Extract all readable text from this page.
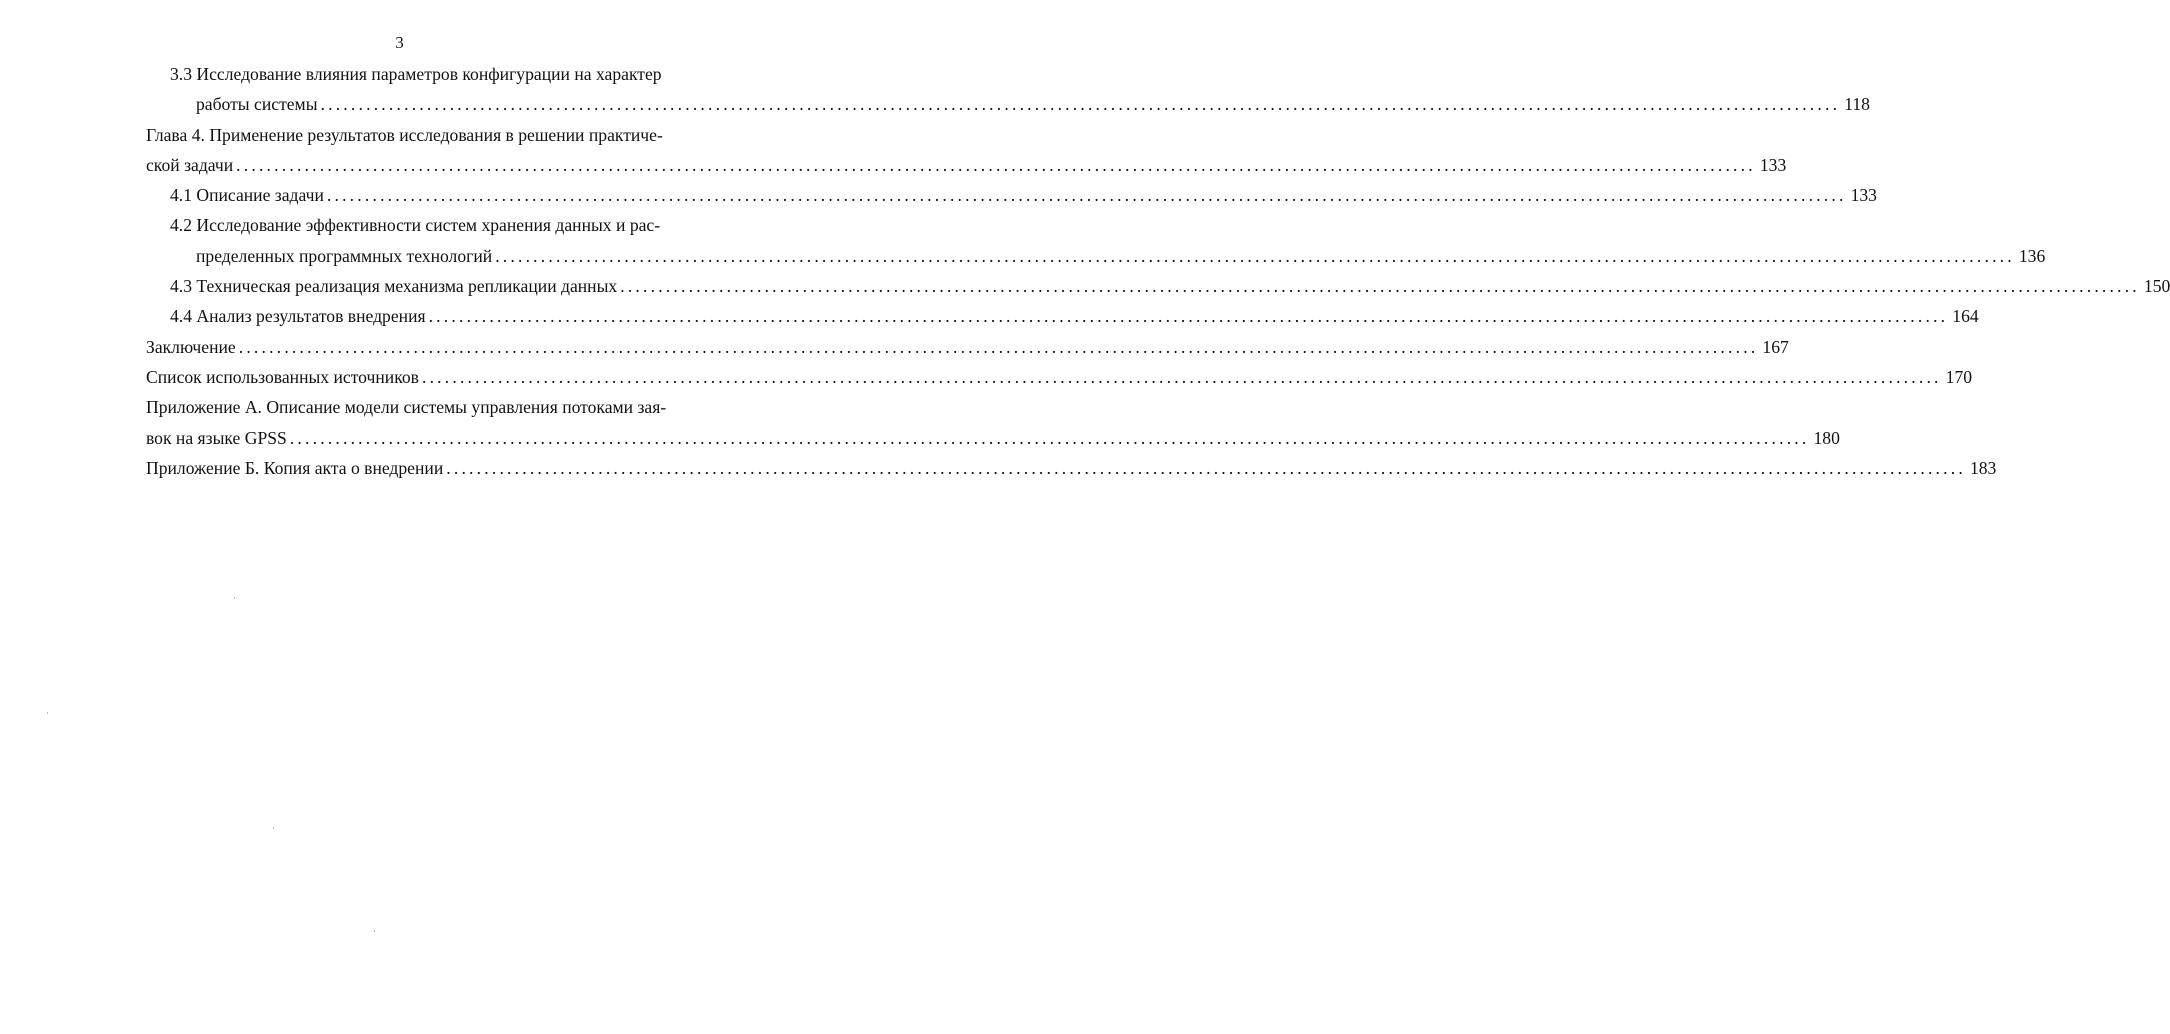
3
3.3 Исследование влияния параметров конфигурации на характер
работы системы ........................................................................................................................................................................................................ 118
Глава 4. Применение результатов исследования в решении практиче-
ской задачи ........................................................................................................................................................................................................ 133
4.1 Описание задачи ........................................................................................................................................................................................................ 133
4.2 Исследование эффективности систем хранения данных и рас-
пределенных программных технологий ........................................................................................................................................................................................................ 136
4.3 Техническая реализация механизма репликации данных ........................................................................................................................................................................................................ 150
4.4 Анализ результатов внедрения ........................................................................................................................................................................................................ 164
Заключение ........................................................................................................................................................................................................ 167
Список использованных источников ........................................................................................................................................................................................................ 170
Приложение А. Описание модели системы управления потоками зая-
вок на языке GPSS ........................................................................................................................................................................................................ 180
Приложение Б. Копия акта о внедрении ........................................................................................................................................................................................................ 183
